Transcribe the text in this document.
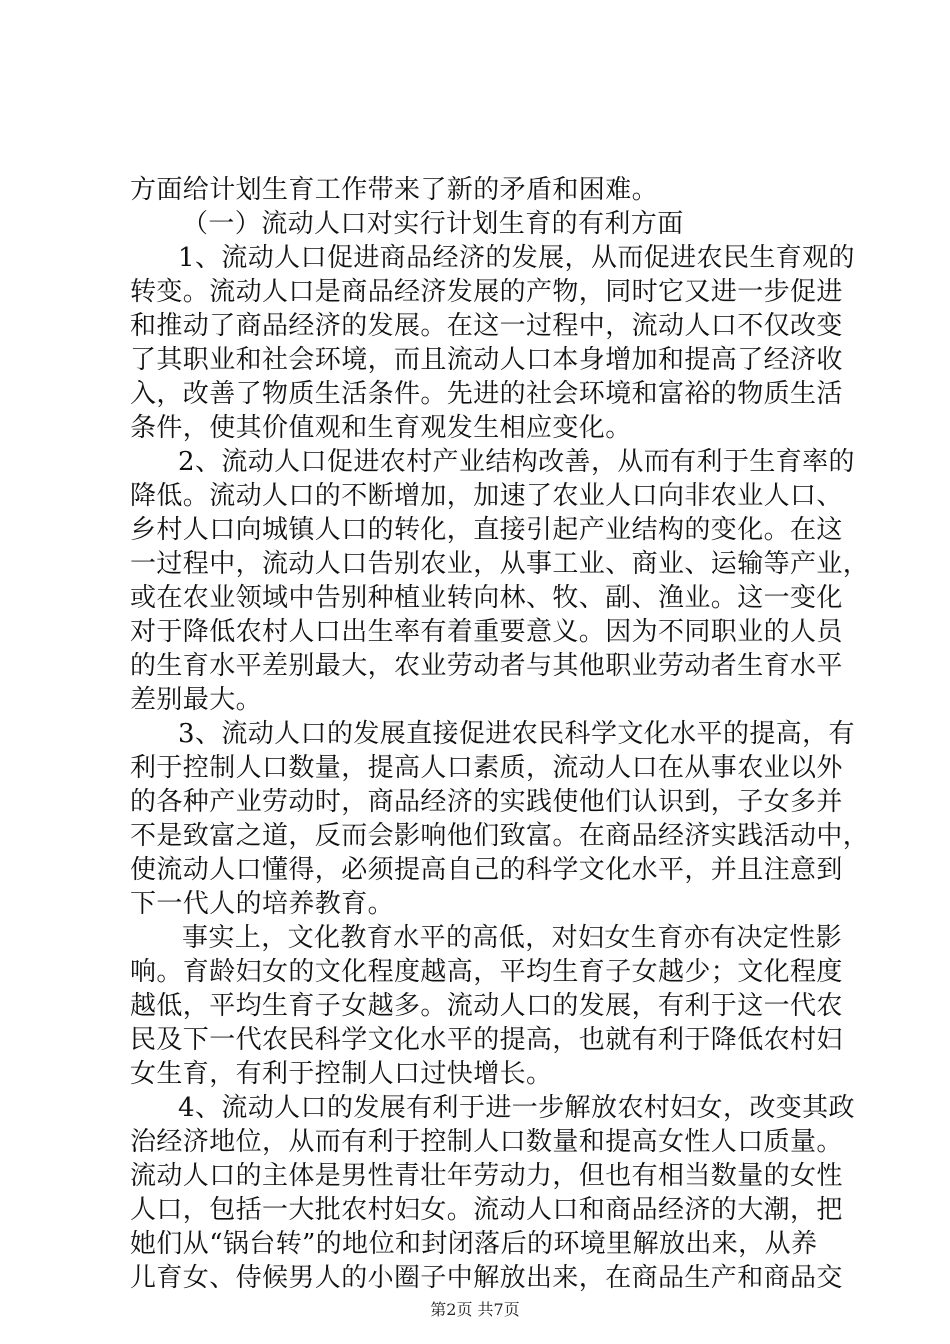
方面给计划生育工作带来了新的矛盾和困难。
（一）流动人口对实行计划生育的有利方面
1、流动人口促进商品经济的发展，从而促进农民生育观的
转变。流动人口是商品经济发展的产物，同时它又进一步促进
和推动了商品经济的发展。在这一过程中，流动人口不仅改变
了其职业和社会环境，而且流动人口本身增加和提高了经济收
入，改善了物质生活条件。先进的社会环境和富裕的物质生活
条件，使其价值观和生育观发生相应变化。
2、流动人口促进农村产业结构改善，从而有利于生育率的
降低。流动人口的不断增加，加速了农业人口向非农业人口、
乡村人口向城镇人口的转化，直接引起产业结构的变化。在这
一过程中，流动人口告别农业，从事工业、商业、运输等产业，
或在农业领域中告别种植业转向林、牧、副、渔业。这一变化
对于降低农村人口出生率有着重要意义。因为不同职业的人员
的生育水平差别最大，农业劳动者与其他职业劳动者生育水平
差别最大。
3、流动人口的发展直接促进农民科学文化水平的提高，有
利于控制人口数量，提高人口素质，流动人口在从事农业以外
的各种产业劳动时，商品经济的实践使他们认识到，子女多并
不是致富之道，反而会影响他们致富。在商品经济实践活动中，
使流动人口懂得，必须提高自己的科学文化水平，并且注意到
下一代人的培养教育。
事实上，文化教育水平的高低，对妇女生育亦有决定性影
响。育龄妇女的文化程度越高，平均生育子女越少；文化程度
越低，平均生育子女越多。流动人口的发展，有利于这一代农
民及下一代农民科学文化水平的提高，也就有利于降低农村妇
女生育，有利于控制人口过快增长。
4、流动人口的发展有利于进一步解放农村妇女，改变其政
治经济地位，从而有利于控制人口数量和提高女性人口质量。
流动人口的主体是男性青壮年劳动力，但也有相当数量的女性
人口，包括一大批农村妇女。流动人口和商品经济的大潮，把
她们从“锅台转”的地位和封闭落后的环境里解放出来，从养
儿育女、侍候男人的小圈子中解放出来，在商品生产和商品交
第2页 共7页
